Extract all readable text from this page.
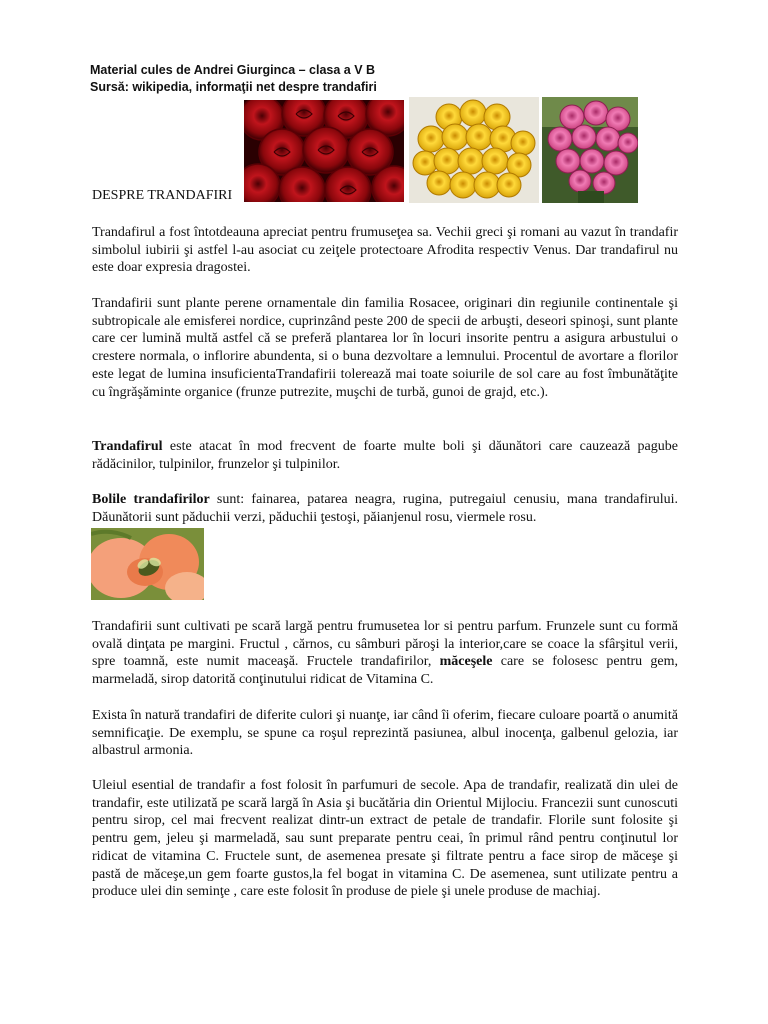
Material cules de Andrei Giurginca – clasa a V B
Sursă: wikipedia, informaţii net despre trandafiri
DESPRE TRANDAFIRI

Trandafirul a fost întotdeauna apreciat pentru frumuseţea sa. Vechii greci şi romani au vazut în trandafir simbolul iubirii şi astfel l-au asociat cu zeiţele protectoare Afrodita respectiv Venus. Dar trandafirul nu este doar expresia dragostei.

Trandafirii sunt plante perene ornamentale din familia Rosacee, originari din regiunile continentale şi subtropicale ale emisferei nordice, cuprinzând peste 200 de specii de arbuşti, deseori spinoşi, sunt plante care cer lumină multă astfel că se preferă plantarea lor în locuri insorite pentru a asigura arbustului o crestere normala, o inflorire abundenta, si o buna dezvoltare a lemnului. Procentul de avortare a florilor este legat de lumina insuficientaTrandafirii tolerează mai toate soiurile de sol care au fost îmbunătăţite cu îngrăşăminte organice (frunze putrezite, muşchi de turbă, gunoi de grajd, etc.).

Trandafirul este atacat în mod frecvent de foarte multe boli şi dăunători care cauzează pagube rădăcinilor, tulpinilor, frunzelor şi tulpinilor.

Bolile trandafirilor sunt: fainarea, patarea neagra, rugina, putregaiul cenusiu, mana trandafirului. Dăunătorii sunt păduchii verzi, păduchii ţestoşi, păianjenul rosu, viermele rosu.

Trandafirii sunt cultivati pe scară largă pentru frumusetea lor si pentru parfum. Frunzele sunt cu formă ovală dinţata pe margini. Fructul , cărnos, cu sâmburi păroşi la interior,care se coace la sfârşitul verii, spre toamnă, este numit maceaşă. Fructele trandafirilor, măceşele care se folosesc pentru gem, marmeladă, sirop datorită conţinutului ridicat de Vitamina C.

Exista în natură trandafiri de diferite culori şi nuanţe, iar când îi oferim, fiecare culoare poartă o anumită semnificaţie. De exemplu, se spune ca roşul reprezintă pasiunea, albul inocenţa, galbenul gelozia, iar albastrul armonia.

Uleiul esential de trandafir a fost folosit în parfumuri de secole. Apa de trandafir, realizată din ulei de trandafir, este utilizată pe scară largă în Asia şi bucătăria din Orientul Mijlociu. Francezii sunt cunoscuti pentru sirop, cel mai frecvent realizat dintr-un extract de petale de trandafir. Florile sunt folosite şi pentru gem, jeleu şi marmeladă, sau sunt preparate pentru ceai, în primul rând pentru conţinutul lor ridicat de vitamina C. Fructele sunt, de asemenea presate şi filtrate pentru a face sirop de măceşe şi pastă de măceşe,un gem foarte gustos,la fel bogat in vitamina C. De asemenea, sunt utilizate pentru a produce ulei din seminţe , care este folosit în produse de piele şi unele produse de machiaj.
